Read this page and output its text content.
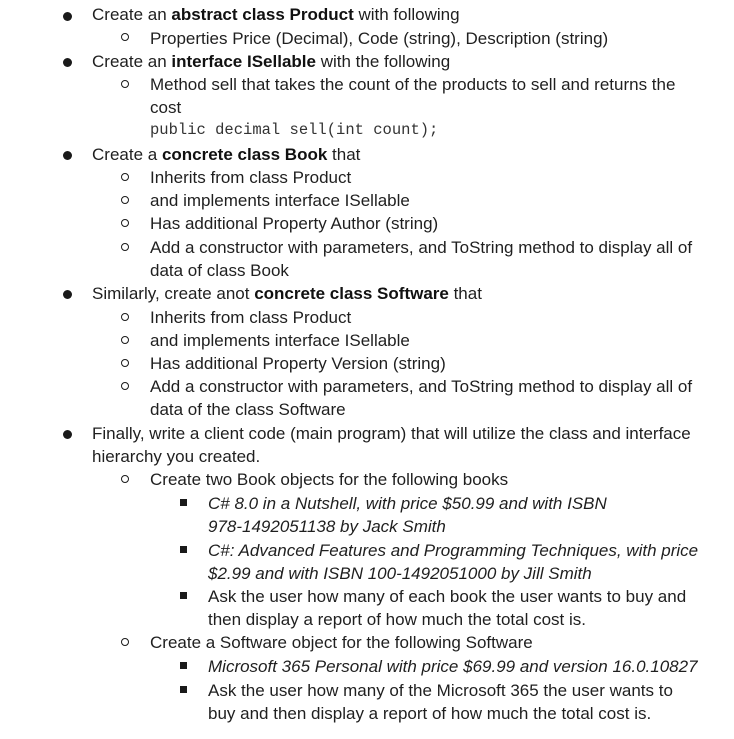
Create an abstract class Product with following
Properties Price (Decimal), Code (string), Description (string)
Create an interface ISellable with the following
Method sell that takes the count of the products to sell and returns the
cost
public decimal sell(int count);
Create a concrete class Book that
Inherits from class Product
and implements interface ISellable
Has additional Property Author (string)
Add a constructor with parameters, and ToString method to display all of
data of class Book
Similarly, create anot concrete class Software that
Inherits from class Product
and implements interface ISellable
Has additional Property Version (string)
Add a constructor with parameters, and ToString method to display all of
data of the class Software
Finally, write a client code (main program) that will utilize the class and interface
hierarchy you created.
Create two Book objects for the following books
C# 8.0 in a Nutshell, with price $50.99 and with ISBN
978-1492051138 by Jack Smith
C#: Advanced Features and Programming Techniques, with price
$2.99 and with ISBN 100-1492051000 by Jill Smith
Ask the user how many of each book the user wants to buy and
then display a report of how much the total cost is.
Create a Software object for the following Software
Microsoft 365 Personal with price $69.99 and version 16.0.10827
Ask the user how many of the Microsoft 365 the user wants to
buy and then display a report of how much the total cost is.
